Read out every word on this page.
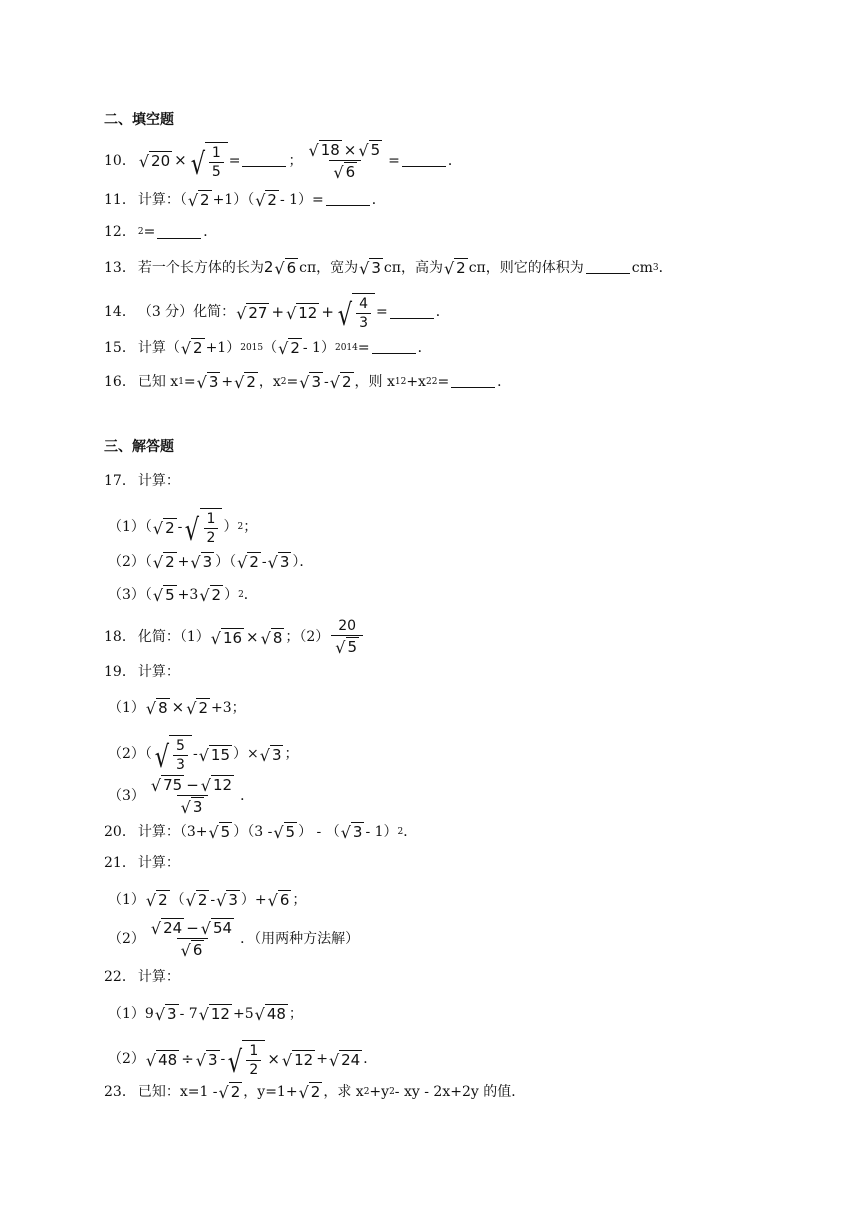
二、填空题
10． √ 20 × √ $\frac{1}{5}$ =	； $\frac{√ 18 \times √ 5}{√ 6}$ =	．
11． 计算：（ √ 2 +1）（ √ 2 - 1）=	．
12． 2 =	．
13． 若一个长方体的长为 2 √ 6 cπ ，宽为 √ 3 cπ ，高为 √ 2 cπ ，则它的体积为	cm 3 ．
14． （3 分）化简： √ 27 + √ 12 + √ $\frac{4}{3}$ =	．
15． 计算（ √ 2 +1） 2015 （ √ 2 - 1） 2014 =	．
16． 已知 x 1 = √ 3 + √ 2 ，x 2 = √ 3 - √ 2 ，则 x 1 2 +x 2 2 =	．
三、解答题
17． 计算：
（1）（ √ 2 - √ $\frac{1}{2}$ ） 2 ；
（2）（ √ 2 + √ 3 ）（ √ 2 - √ 3 ）．
（3）（ √ 5 +3 √ 2 ） 2 ．
18． 化简：（1） √ 16 × √ 8 ；$(2) \frac{20}{√ 5}$
19． 计算：
（1） √ 8 × √ 2 +3；
（2）（ √ $\frac{5}{3}$ - √ 15 ）× √ 3 ；
$(3) \frac{√ 75 - √ 12}{√ 3}$ ．
20． 计算：（3+ √ 5 ）（3 - √ 5 ） - （ √ 3 - 1） 2 ．
21． 计算：
（1） √ 2 （ √ 2 - √ 3 ）+ √ 6 ；
$(2) \frac{√ 24 - √ 54}{√ 6}$ ．（用两种方法解）
22． 计算：
（1） 9 √ 3 - 7 √ 12 +5 √ 48 ；
（2） √ 48 ÷ √ 3 - √ $\frac{1}{2}$ × √ 12 + √ 24 ．
23． 已知：x=1 - √ 2 ，y=1+ √ 2 ，求 x 2 +y 2 - xy - 2x+2y 的值．
